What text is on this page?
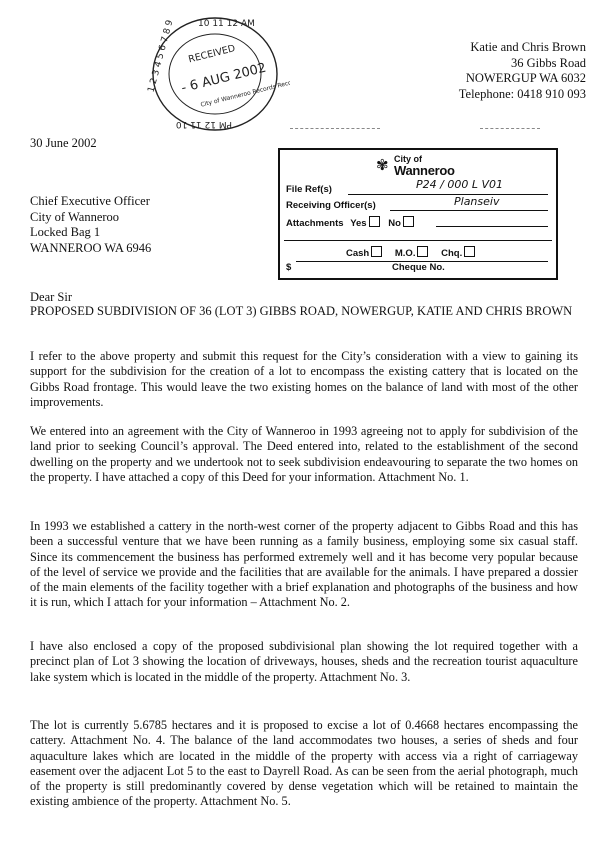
10 11 12 AM
PM 12 11 10
1 2 3 4 5 6 7 8 9 RECEIVED
- 6 AUG 2002
City of Wanneroo Records Recd
Katie and Chris Brown
36 Gibbs Road
NOWERGUP WA 6032
Telephone: 0418 910 093
30 June 2002
✾ City of
Wanneroo
File Ref(s)	P24 / 000 L V01
Receiving Officer(s)	Planseiv
Attachments Yes No
Cash	M.O.	Chq.
$	Cheque No.
Chief Executive Officer
City of Wanneroo
Locked Bag 1
WANNEROO WA 6946
Dear Sir
PROPOSED SUBDIVISION OF 36 (LOT 3) GIBBS ROAD, NOWERGUP, KATIE AND CHRIS BROWN
I refer to the above property and submit this request for the City’s consideration with a view to gaining its support for the subdivision for the creation of a lot to encompass the existing cattery that is located on the Gibbs Road frontage. This would leave the two existing homes on the balance of land with most of the other improvements.
We entered into an agreement with the City of Wanneroo in 1993 agreeing not to apply for subdivision of the land prior to seeking Council’s approval. The Deed entered into, related to the establishment of the second dwelling on the property and we undertook not to seek subdivision endeavouring to separate the two homes on the property. I have attached a copy of this Deed for your information. Attachment No. 1.
In 1993 we established a cattery in the north-west corner of the property adjacent to Gibbs Road and this has been a successful venture that we have been running as a family business, employing some six casual staff. Since its commencement the business has performed extremely well and it has become very popular because of the level of service we provide and the facilities that are available for the animals. I have prepared a dossier of the main elements of the facility together with a brief explanation and photographs of the business and how it is run, which I attach for your information – Attachment No. 2.
I have also enclosed a copy of the proposed subdivisional plan showing the lot required together with a precinct plan of Lot 3 showing the location of driveways, houses, sheds and the recreation tourist aquaculture lake system which is located in the middle of the property. Attachment No. 3.
The lot is currently 5.6785 hectares and it is proposed to excise a lot of 0.4668 hectares encompassing the cattery. Attachment No. 4. The balance of the land accommodates two houses, a series of sheds and four aquaculture lakes which are located in the middle of the property with access via a right of carriageway easement over the adjacent Lot 5 to the east to Dayrell Road. As can be seen from the aerial photograph, much of the property is still predominantly covered by dense vegetation which will be retained to maintain the existing ambience of the property. Attachment No. 5.
